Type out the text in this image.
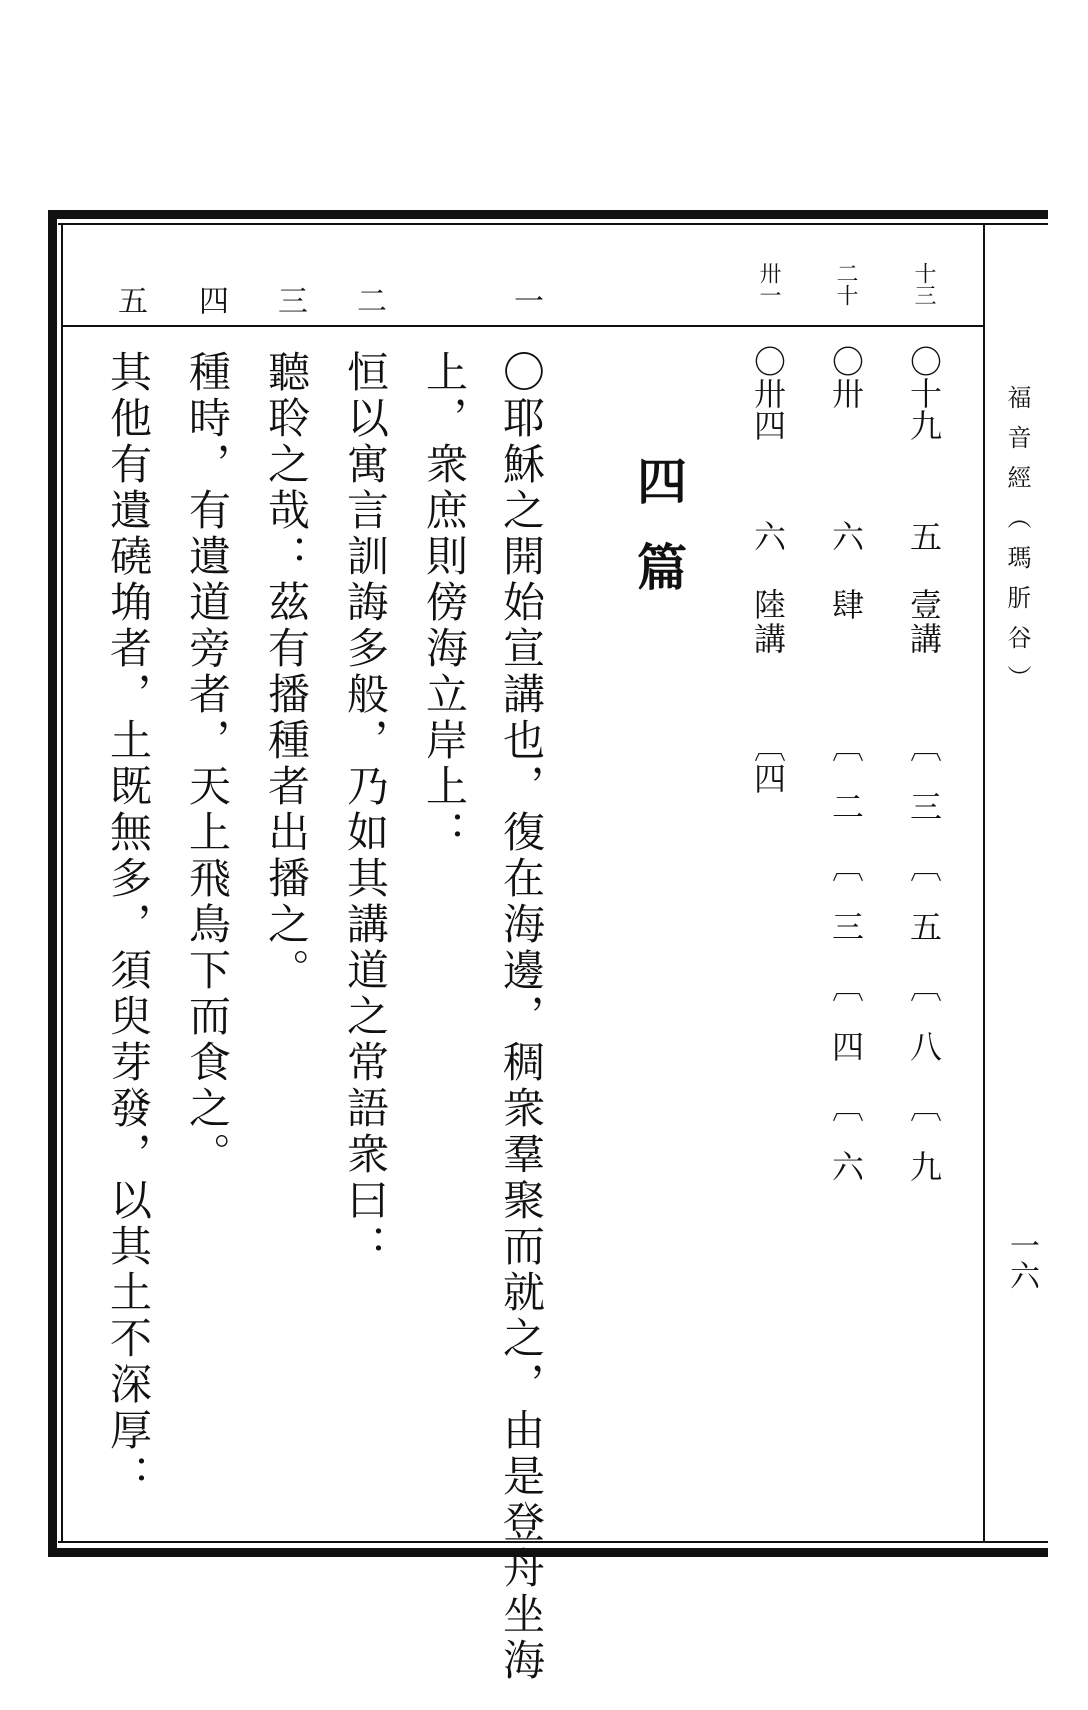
福音經（瑪肵谷）
一六
十三
二十
卅一
〇十九
五　壹講
〔三〔五〔八〔九
〇卅
六　肆
〔二〔三〔四〔六
〇卅四
六　陸講
〔四
四篇
一
二
三
四
五
〇耶穌之開始宣講也，復在海邊，稠衆羣聚而就之，由是登舟坐海
上，衆庶則傍海立岸上：
恒以寓言訓誨多般，乃如其講道之常語衆曰：
聽聆之哉：茲有播種者出播之。
種時，有遺道旁者，天上飛鳥下而食之。
其他有遺磽埆者，土既無多，須臾芽發，以其土不深厚：
